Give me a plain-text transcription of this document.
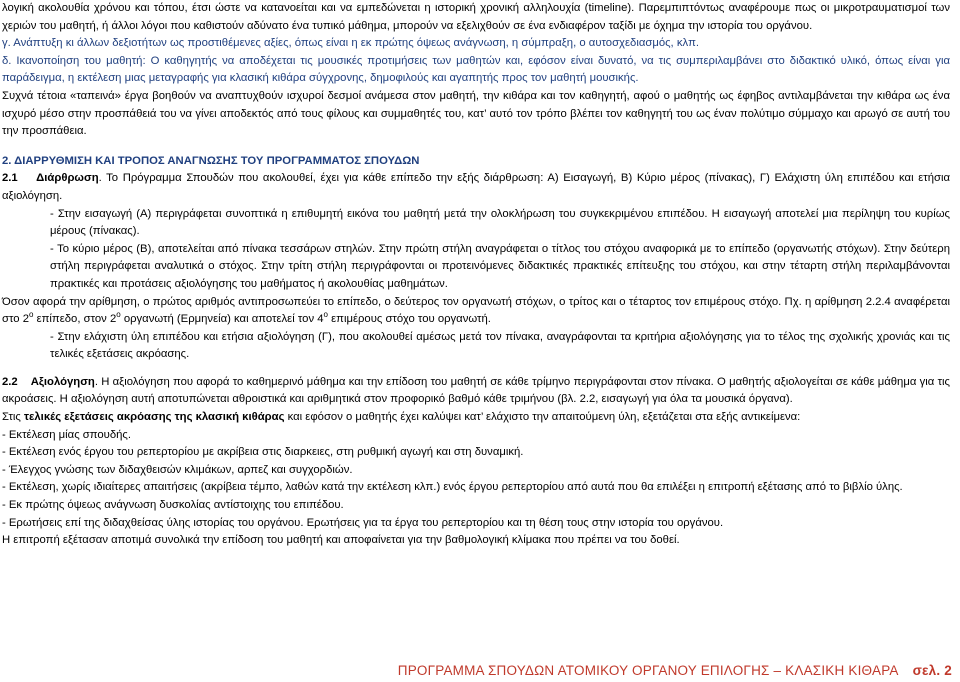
λογική ακολουθία χρόνου και τόπου, έτσι ώστε να κατανοείται και να εμπεδώνεται η ιστορική χρονική αλληλουχία (timeline). Παρεμπιπτόντως αναφέρουμε πως οι μικροτραυματισμοί των χεριών του μαθητή, ή άλλοι λόγοι που καθιστούν αδύνατο ένα τυπικό μάθημα, μπορούν να εξελιχθούν σε ένα ενδιαφέρον ταξίδι με όχημα την ιστορία του οργάνου.

γ. Ανάπτυξη κι άλλων δεξιοτήτων ως προστιθέμενες αξίες, όπως είναι η εκ πρώτης όψεως ανάγνωση, η σύμπραξη, ο αυτοσχεδιασμός, κλπ.

δ. Ικανοποίηση του μαθητή: Ο καθηγητής να αποδέχεται τις μουσικές προτιμήσεις των μαθητών και, εφόσον είναι δυνατό, να τις συμπεριλαμβάνει στο διδακτικό υλικό, όπως είναι για παράδειγμα, η εκτέλεση μιας μεταγραφής για κλασική κιθάρα σύγχρονης, δημοφιλούς και αγαπητής προς τον μαθητή μουσικής.

Συχνά τέτοια «ταπεινά» έργα βοηθούν να αναπτυχθούν ισχυροί δεσμοί ανάμεσα στον μαθητή, την κιθάρα και τον καθηγητή, αφού ο μαθητής ως έφηβος αντιλαμβάνεται την κιθάρα ως ένα ισχυρό μέσο στην προσπάθειά του να γίνει αποδεκτός από τους φίλους και συμμαθητές του, κατ’ αυτό τον τρόπο βλέπει τον καθηγητή του ως έναν πολύτιμο σύμμαχο και αρωγό σε αυτή του την προσπάθεια.

2. ΔΙΑΡΡΥΘΜΙΣΗ ΚΑΙ ΤΡΟΠΟΣ ΑΝΑΓΝΩΣΗΣ ΤΟΥ ΠΡΟΓΡΑΜΜΑΤΟΣ ΣΠΟΥΔΩΝ

2.1 Διάρθρωση. Το Πρόγραμμα Σπουδών που ακολουθεί, έχει για κάθε επίπεδο την εξής διάρθρωση: Α) Εισαγωγή, Β) Κύριο μέρος (πίνακας), Γ) Ελάχιστη ύλη επιπέδου και ετήσια αξιολόγηση.

- Στην εισαγωγή (Α) περιγράφεται συνοπτικά η επιθυμητή εικόνα του μαθητή μετά την ολοκλήρωση του συγκεκριμένου επιπέδου. Η εισαγωγή αποτελεί μια περίληψη του κυρίως μέρους (πίνακας).

- Το κύριο μέρος (Β), αποτελείται από πίνακα τεσσάρων στηλών. Στην πρώτη στήλη αναγράφεται ο τίτλος του στόχου αναφορικά με το επίπεδο (οργανωτής στόχων). Στην δεύτερη στήλη περιγράφεται αναλυτικά ο στόχος. Στην τρίτη στήλη περιγράφονται οι προτεινόμενες διδακτικές πρακτικές επίτευξης του στόχου, και στην τέταρτη στήλη περιλαμβάνονται πρακτικές και προτάσεις αξιολόγησης του μαθήματος ή ακολουθίας μαθημάτων.

Όσον αφορά την αρίθμηση, ο πρώτος αριθμός αντιπροσωπεύει το επίπεδο, ο δεύτερος τον οργανωτή στόχων, ο τρίτος και ο τέταρτος τον επιμέρους στόχο. Πχ. η αρίθμηση 2.2.4 αναφέρεται στο $2^o$ επίπεδο, στον $2^o$ οργανωτή (Ερμηνεία) και αποτελεί τον $4^o$ επιμέρους στόχο του οργανωτή.

- Στην ελάχιστη ύλη επιπέδου και ετήσια αξιολόγηση (Γ), που ακολουθεί αμέσως μετά τον πίνακα, αναγράφονται τα κριτήρια αξιολόγησης για το τέλος της σχολικής χρονιάς και τις τελικές εξετάσεις ακρόασης.

2.2 Αξιολόγηση. Η αξιολόγηση που αφορά το καθημερινό μάθημα και την επίδοση του μαθητή σε κάθε τρίμηνο περιγράφονται στον πίνακα. Ο μαθητής αξιολογείται σε κάθε μάθημα για τις ακροάσεις. Η αξιολόγηση αυτή αποτυπώνεται αθροιστικά και αριθμητικά στον προφορικό βαθμό κάθε τριμήνου (βλ. 2.2, εισαγωγή για όλα τα μουσικά όργανα).

Στις τελικές εξετάσεις ακρόασης της κλασική κιθάρας και εφόσον ο μαθητής έχει καλύψει κατ’ ελάχιστο την απαιτούμενη ύλη, εξετάζεται στα εξής αντικείμενα:

- Εκτέλεση μίας σπουδής.

- Εκτέλεση ενός έργου του ρεπερτορίου με ακρίβεια στις διαρκειες, στη ρυθμική αγωγή και στη δυναμική.

- Έλεγχος γνώσης των διδαχθεισών κλιμάκων, αρπεζ και συγχορδιών.

- Εκτέλεση, χωρίς ιδιαίτερες απαιτήσεις (ακρίβεια τέμπο, λαθών κατά την εκτέλεση κλπ.) ενός έργου ρεπερτορίου από αυτά που θα επιλέξει η επιτροπή εξέτασης από το βιβλίο ύλης.

- Εκ πρώτης όψεως ανάγνωση δυσκολίας αντίστοιχης του επιπέδου.

- Ερωτήσεις επί της διδαχθείσας ύλης ιστορίας του οργάνου. Ερωτήσεις για τα έργα του ρεπερτορίου και τη θέση τους στην ιστορία του οργάνου.

Η επιτροπή εξέτασαν αποτιμά συνολικά την επίδοση του μαθητή και αποφαίνεται για την βαθμολογική κλίμακα που πρέπει να του δοθεί.

ΠΡΟΓΡΑΜΜΑ ΣΠΟΥΔΩΝ ΑΤΟΜΙΚΟΥ ΟΡΓΑΝΟΥ ΕΠΙΛΟΓΗΣ – ΚΛΑΣΙΚΗ ΚΙΘΑΡΑ σελ. 2
